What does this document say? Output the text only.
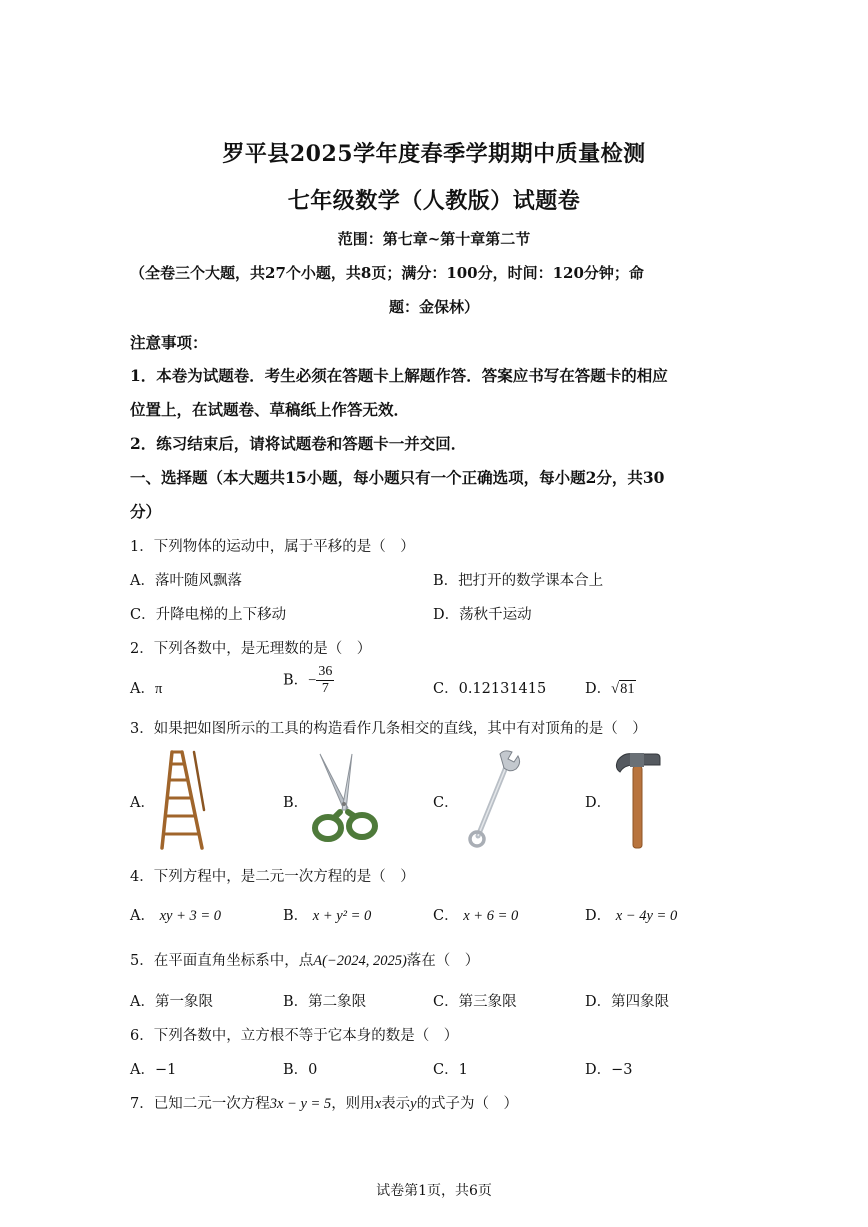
罗平县2025学年度春季学期期中质量检测
七年级数学（人教版）试题卷
范围：第七章~第十章第二节
（全卷三个大题，共27个小题，共8页；满分：100分，时间：120分钟；命
题：金保林）
注意事项：
1．本卷为试题卷．考生必须在答题卡上解题作答．答案应书写在答题卡的相应
位置上，在试题卷、草稿纸上作答无效．
2．练习结束后，请将试题卷和答题卡一并交回．
一、选择题（本大题共15小题，每小题只有一个正确选项，每小题2分，共30
分）
1．下列物体的运动中，属于平移的是（　）
A．落叶随风飘落	B．把打开的数学课本合上
C．升降电梯的上下移动	D．荡秋千运动
2．下列各数中，是无理数的是（　）
A．π
B．− $\frac{36}{7}$	C．0.12131415	D．√81
3．如果把如图所示的工具的构造看作几条相交的直线，其中有对顶角的是（　）
A．	B．	C．	D．
4．下列方程中，是二元一次方程的是（　）
A． xy + 3 = 0	B． x + y² = 0	C． x + 6 = 0	D． x − 4y = 0
5．在平面直角坐标系中，点A(−2024, 2025)落在（　）
A．第一象限	B．第二象限	C．第三象限	D．第四象限
6．下列各数中，立方根不等于它本身的数是（　）
A．−1	B．0	C．1	D．−3
7．已知二元一次方程3x − y = 5，则用x表示y的式子为（　）
试卷第1页，共6页
